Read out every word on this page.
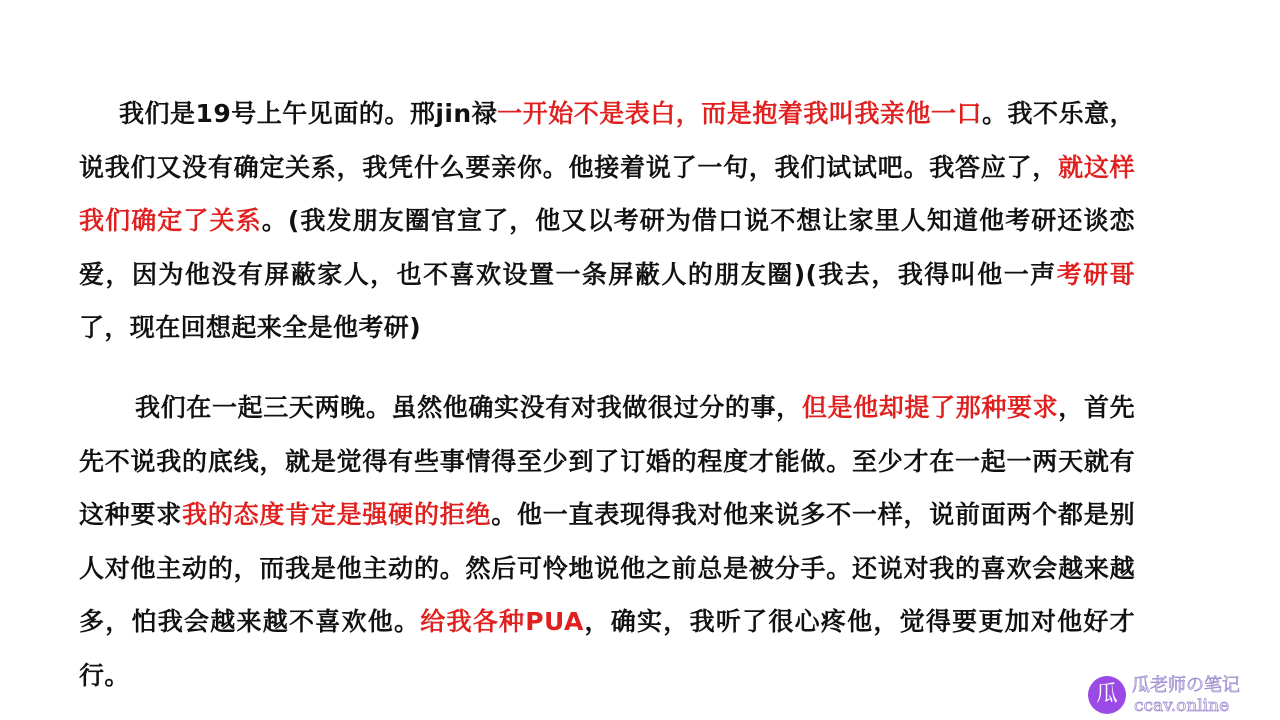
我们是19号上午见面的。邢jin禄一开始不是表白，而是抱着我叫我亲他一口。我不乐意，说我们又没有确定关系，我凭什么要亲你。他接着说了一句，我们试试吧。我答应了，就这样我们确定了关系。(我发朋友圈官宣了，他又以考研为借口说不想让家里人知道他考研还谈恋爱，因为他没有屏蔽家人，也不喜欢设置一条屏蔽人的朋友圈)(我去，我得叫他一声考研哥了，现在回想起来全是他考研)

我们在一起三天两晚。虽然他确实没有对我做很过分的事，但是他却提了那种要求，首先先不说我的底线，就是觉得有些事情得至少到了订婚的程度才能做。至少才在一起一两天就有这种要求我的态度肯定是强硬的拒绝。他一直表现得我对他来说多不一样，说前面两个都是别人对他主动的，而我是他主动的。然后可怜地说他之前总是被分手。还说对我的喜欢会越来越多，怕我会越来越不喜欢他。给我各种PUA，确实，我听了很心疼他，觉得要更加对他好才行。

瓜 瓜老师の笔记
ccav.online
